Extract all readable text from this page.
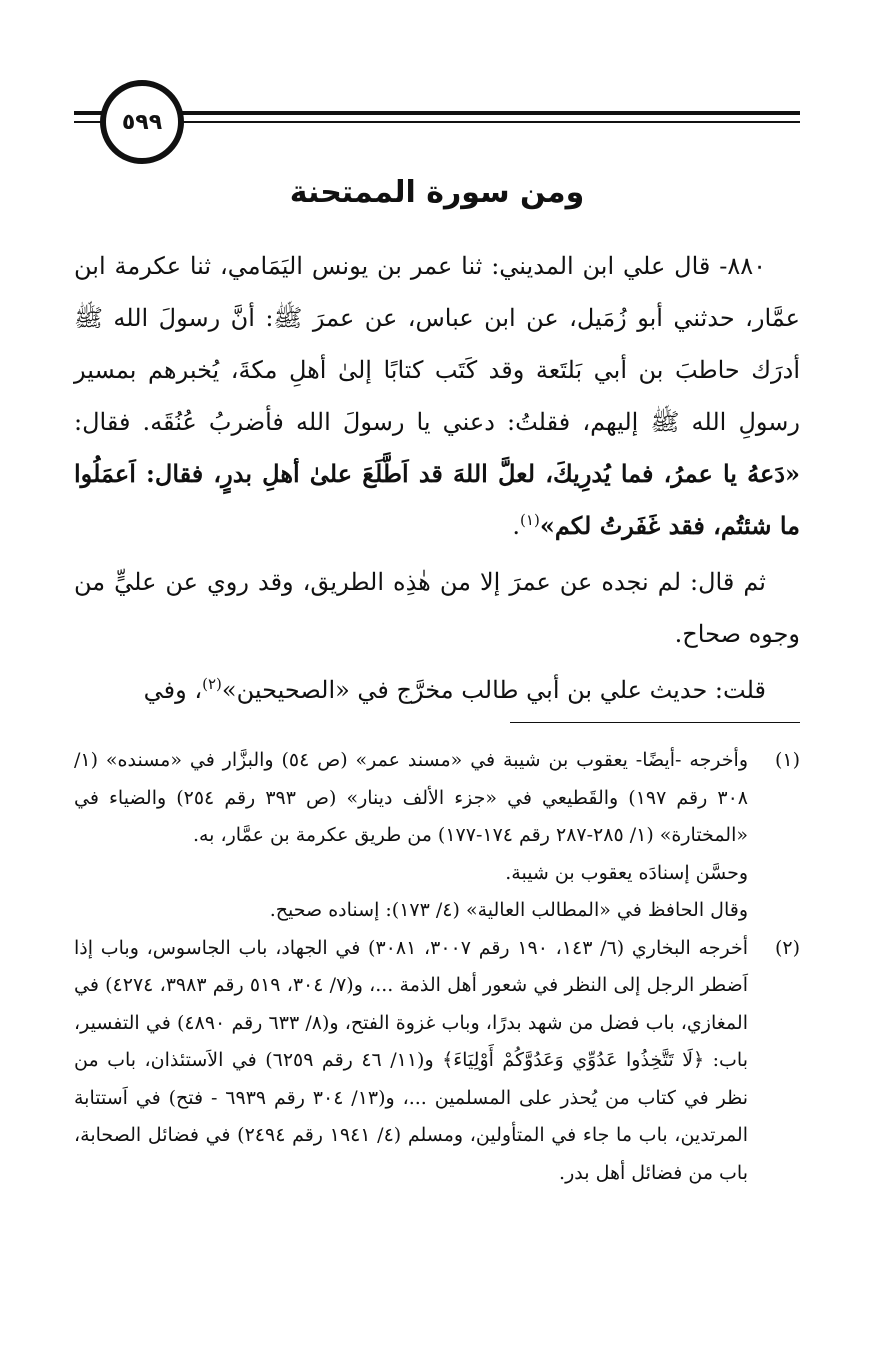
٥٩٩
ومن سورة الممتحنة

٨٨٠- قال علي ابن المديني: ثنا عمر بن يونس اليَمَامي، ثنا عكرمة ابن عمَّار، حدثني أبو زُمَيل، عن ابن عباس، عن عمرَ ﷺ: أنَّ رسولَ الله ﷺ أدرَك حاطبَ بن أبي بَلتَعة وقد كَتَب كتابًا إلىٰ أهلِ مكةَ، يُخبرهم بمسير رسولِ الله ﷺ إليهم، فقلتُ: دعني يا رسولَ الله فأضربُ عُنُقَه. فقال: «دَعهُ يا عمرُ، فما يُدرِيكَ، لعلَّ اللهَ قد اَطَّلَعَ علىٰ أهلِ بدرٍ، فقال: اَعمَلُوا ما شئتُم، فقد غَفَرتُ لكم»$^{(١)}$.

ثم قال: لم نجده عن عمرَ إلا من هٰذِه الطريق، وقد روي عن عليٍّ من وجوه صحاح.

قلت: حديث علي بن أبي طالب مخرَّج في «الصحيحين»$^{(٢)}$، وفي

(١)
وأخرجه -أيضًا- يعقوب بن شيبة في «مسند عمر» (ص ٥٤) والبزَّار في «مسنده» (١/ ٣٠٨ رقم ١٩٧) والقَطيعي في «جزء الألف دينار» (ص ٣٩٣ رقم ٢٥٤) والضياء في «المختارة» (١/ ٢٨٥-٢٨٧ رقم ١٧٤-١٧٧) من طريق عكرمة بن عمَّار، به.
وحسَّن إسنادَه يعقوب بن شيبة.
وقال الحافظ في «المطالب العالية» (٤/ ١٧٣): إسناده صحيح.
(٢)
أخرجه البخاري (٦/ ١٤٣، ١٩٠ رقم ٣٠٠٧، ٣٠٨١) في الجهاد، باب الجاسوس، وباب إذا اَضطر الرجل إلى النظر في شعور أهل الذمة ...، و(٧/ ٣٠٤، ٥١٩ رقم ٣٩٨٣، ٤٢٧٤) في المغازي، باب فضل من شهد بدرًا، وباب غزوة الفتح، و(٨/ ٦٣٣ رقم ٤٨٩٠) في التفسير، باب: ﴿لَا تَتَّخِذُوا عَدُوِّي وَعَدُوَّكُمْ أَوْلِيَاءَ﴾ و(١١/ ٤٦ رقم ٦٢٥٩) في الاَستئذان، باب من نظر في كتاب من يُحذر على المسلمين ...، و(١٣/ ٣٠٤ رقم ٦٩٣٩ - فتح) في اَستتابة المرتدين، باب ما جاء في المتأولين، ومسلم (٤/ ١٩٤١ رقم ٢٤٩٤) في فضائل الصحابة، باب من فضائل أهل بدر.
